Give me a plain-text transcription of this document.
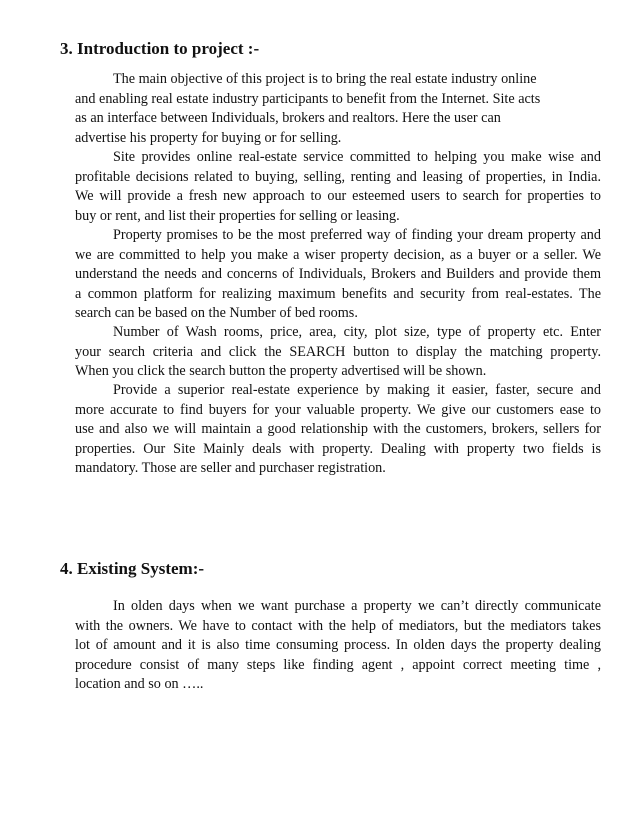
3. Introduction to project :-
The main objective of this project is to bring the real estate industry online
and enabling real estate industry participants to benefit from the Internet. Site acts
as an interface between Individuals, brokers and realtors. Here the user can
advertise his property for buying or for selling.
Site provides online real-estate service committed to helping you make wise and
profitable decisions related to buying, selling, renting and leasing of properties, in India.
We will provide a fresh new approach to our esteemed users to search for properties to
buy or rent, and list their properties for selling or leasing.
Property promises to be the most preferred way of finding your dream property and
we are committed to help you make a wiser property decision, as a buyer or a seller. We
understand the needs and concerns of Individuals, Brokers and Builders and provide them
a common platform for realizing maximum benefits and security from real-estates. The
search can be based on the Number of bed rooms.
Number of Wash rooms, price, area, city, plot size, type of property etc. Enter
your search criteria and click the SEARCH button to display the matching property.
When you click the search button the property advertised will be shown.
Provide a superior real-estate experience by making it easier, faster, secure and
more accurate to find buyers for your valuable property. We give our customers ease to
use and also we will maintain a good relationship with the customers, brokers, sellers for
properties. Our Site Mainly deals with property. Dealing with property two fields is
mandatory. Those are seller and purchaser registration.
4. Existing System:-
In olden days when we want purchase a property we can’t directly communicate
with the owners. We have to contact with the help of mediators, but the mediators takes
lot of amount and it is also time consuming process. In olden days the property dealing
procedure consist of many steps like finding agent , appoint correct meeting time ,
location and so on …..
